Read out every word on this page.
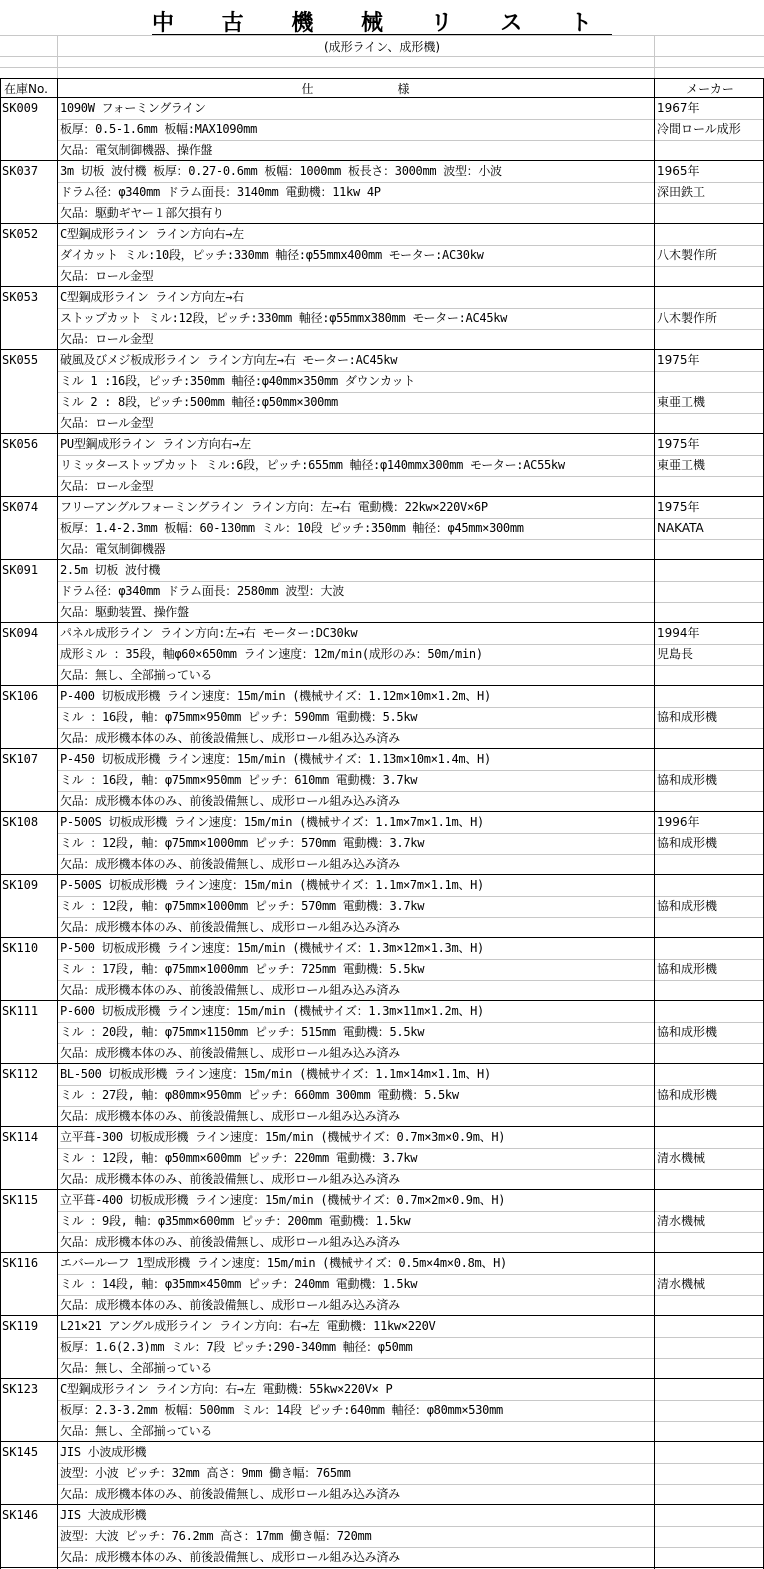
中 古 機 械 リ ス ト
(成形ライン、成形機)
在庫No.	仕　　　　　　　様	メーカー
SK009	1090W フォーミングライン	1967年
板厚：0.5-1.6mm 板幅:MAX1090mm	冷間ロール成形
欠品：電気制御機器、操作盤
SK037	3m 切板 波付機 板厚：0.27-0.6mm 板幅：1000mm 板長さ：3000mm 波型：小波	1965年
ドラム径：φ340mm ドラム面長：3140mm 電動機：11kw 4P	深田鉄工
欠品：駆動ギヤー１部欠損有り
SK052	C型鋼成形ライン ライン方向右→左
ダイカット ミル:10段，ピッチ:330mm 軸径:φ55mmx400mm モーター:AC30kw	八木製作所
欠品：ロール金型
SK053	C型鋼成形ライン ライン方向左→右
ストップカット ミル:12段，ピッチ:330mm 軸径:φ55mmx380mm モーター:AC45kw	八木製作所
欠品：ロール金型
SK055	破風及びメジ板成形ライン ライン方向左→右 モーター:AC45kw	1975年
ミル 1 :16段，ピッチ:350mm 軸径:φ40mm×350mm ダウンカット
ミル 2 : 8段，ピッチ:500mm 軸径:φ50mm×300mm	東亜工機
欠品：ロール金型
SK056	PU型鋼成形ライン ライン方向右→左	1975年
リミッターストップカット ミル:6段，ピッチ:655mm 軸径:φ140mmx300mm モーター:AC55kw	東亜工機
欠品：ロール金型
SK074	フリーアングルフォーミングライン ライン方向：左→右 電動機：22kw×220V×6P	1975年
板厚：1.4-2.3mm 板幅：60-130mm ミル：10段 ピッチ:350mm 軸径：φ45mm×300mm	NAKATA
欠品：電気制御機器
SK091	2.5m 切板 波付機
ドラム径：φ340mm ドラム面長：2580mm 波型：大波
欠品：駆動装置、操作盤
SK094	パネル成形ライン ライン方向:左→右 モーター:DC30kw	1994年
成形ミル ：35段，軸φ60×650mm ライン速度：12m/min(成形のみ：50m/min)	児島長
欠品：無し、全部揃っている
SK106	P-400 切板成形機 ライン速度：15m/min (機械サイズ：1.12m×10m×1.2m、H)
ミル ：16段, 軸：φ75mm×950mm ピッチ：590mm 電動機：5.5kw	協和成形機
欠品：成形機本体のみ、前後設備無し、成形ロール組み込み済み
SK107	P-450 切板成形機 ライン速度：15m/min (機械サイズ：1.13m×10m×1.4m、H)
ミル ：16段, 軸：φ75mm×950mm ピッチ：610mm 電動機：3.7kw	協和成形機
欠品：成形機本体のみ、前後設備無し、成形ロール組み込み済み
SK108	P-500S 切板成形機 ライン速度：15m/min (機械サイズ：1.1m×7m×1.1m、H)	1996年
ミル ：12段, 軸：φ75mm×1000mm ピッチ：570mm 電動機：3.7kw	協和成形機
欠品：成形機本体のみ、前後設備無し、成形ロール組み込み済み
SK109	P-500S 切板成形機 ライン速度：15m/min (機械サイズ：1.1m×7m×1.1m、H)
ミル ：12段, 軸：φ75mm×1000mm ピッチ：570mm 電動機：3.7kw	協和成形機
欠品：成形機本体のみ、前後設備無し、成形ロール組み込み済み
SK110	P-500 切板成形機 ライン速度：15m/min (機械サイズ：1.3m×12m×1.3m、H)
ミル ：17段, 軸：φ75mm×1000mm ピッチ：725mm 電動機：5.5kw	協和成形機
欠品：成形機本体のみ、前後設備無し、成形ロール組み込み済み
SK111	P-600 切板成形機 ライン速度：15m/min (機械サイズ：1.3m×11m×1.2m、H)
ミル ：20段, 軸：φ75mm×1150mm ピッチ：515mm 電動機：5.5kw	協和成形機
欠品：成形機本体のみ、前後設備無し、成形ロール組み込み済み
SK112	BL-500 切板成形機 ライン速度：15m/min (機械サイズ：1.1m×14m×1.1m、H)
ミル ：27段, 軸：φ80mm×950mm ピッチ：660mm 300mm 電動機：5.5kw	協和成形機
欠品：成形機本体のみ、前後設備無し、成形ロール組み込み済み
SK114	立平葺-300 切板成形機 ライン速度：15m/min (機械サイズ：0.7m×3m×0.9m、H)
ミル ：12段, 軸：φ50mm×600mm ピッチ：220mm 電動機：3.7kw	清水機械
欠品：成形機本体のみ、前後設備無し、成形ロール組み込み済み
SK115	立平葺-400 切板成形機 ライン速度：15m/min (機械サイズ：0.7m×2m×0.9m、H)
ミル ：9段, 軸：φ35mm×600mm ピッチ：200mm 電動機：1.5kw	清水機械
欠品：成形機本体のみ、前後設備無し、成形ロール組み込み済み
SK116	エバールーフ 1型成形機 ライン速度：15m/min (機械サイズ：0.5m×4m×0.8m、H)
ミル ：14段, 軸：φ35mm×450mm ピッチ：240mm 電動機：1.5kw	清水機械
欠品：成形機本体のみ、前後設備無し、成形ロール組み込み済み
SK119	L21×21 アングル成形ライン ライン方向：右→左 電動機：11kw×220V
板厚：1.6(2.3)mm ミル：7段 ピッチ:290-340mm 軸径：φ50mm
欠品：無し、全部揃っている
SK123	C型鋼成形ライン ライン方向：右→左 電動機：55kw×220V× P
板厚：2.3-3.2mm 板幅：500mm ミル：14段 ピッチ:640mm 軸径：φ80mm×530mm
欠品：無し、全部揃っている
SK145	JIS 小波成形機
波型：小波 ピッチ：32mm 高さ：9mm 働き幅：765mm
欠品：成形機本体のみ、前後設備無し、成形ロール組み込み済み
SK146	JIS 大波成形機
波型：大波 ピッチ：76.2mm 高さ：17mm 働き幅：720mm
欠品：成形機本体のみ、前後設備無し、成形ロール組み込み済み
